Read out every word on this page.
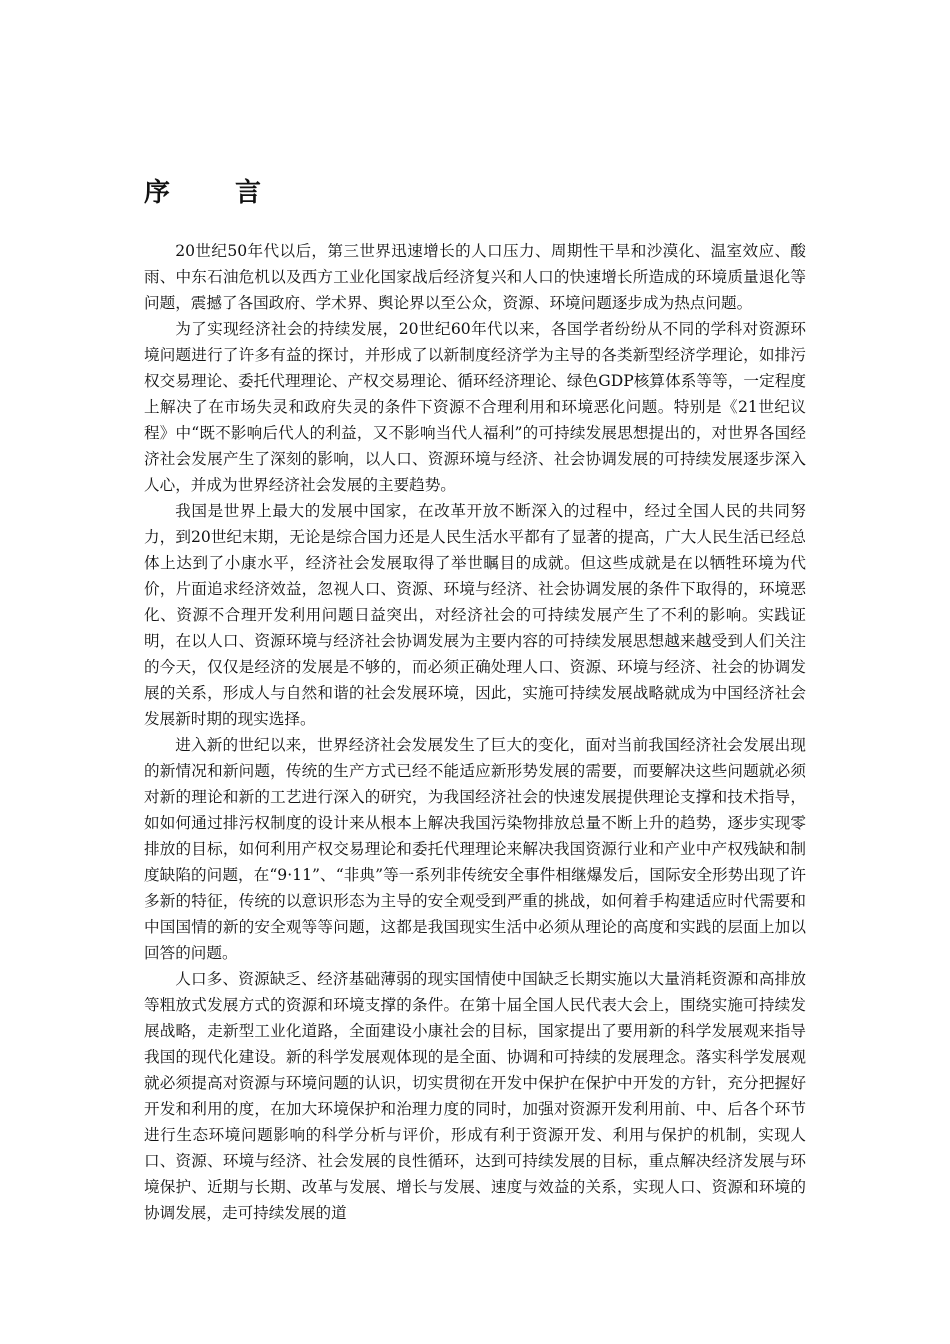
序 言

20世纪50年代以后，第三世界迅速增长的人口压力、周期性干旱和沙漠化、温室效应、酸雨、中东石油危机以及西方工业化国家战后经济复兴和人口的快速增长所造成的环境质量退化等问题，震撼了各国政府、学术界、舆论界以至公众，资源、环境问题逐步成为热点问题。

为了实现经济社会的持续发展，20世纪60年代以来，各国学者纷纷从不同的学科对资源环境问题进行了许多有益的探讨，并形成了以新制度经济学为主导的各类新型经济学理论，如排污权交易理论、委托代理理论、产权交易理论、循环经济理论、绿色GDP核算体系等等，一定程度上解决了在市场失灵和政府失灵的条件下资源不合理利用和环境恶化问题。特别是《21世纪议程》中“既不影响后代人的利益，又不影响当代人福利”的可持续发展思想提出的，对世界各国经济社会发展产生了深刻的影响，以人口、资源环境与经济、社会协调发展的可持续发展逐步深入人心，并成为世界经济社会发展的主要趋势。

我国是世界上最大的发展中国家，在改革开放不断深入的过程中，经过全国人民的共同努力，到20世纪末期，无论是综合国力还是人民生活水平都有了显著的提高，广大人民生活已经总体上达到了小康水平，经济社会发展取得了举世瞩目的成就。但这些成就是在以牺牲环境为代价，片面追求经济效益，忽视人口、资源、环境与经济、社会协调发展的条件下取得的，环境恶化、资源不合理开发利用问题日益突出，对经济社会的可持续发展产生了不利的影响。实践证明，在以人口、资源环境与经济社会协调发展为主要内容的可持续发展思想越来越受到人们关注的今天，仅仅是经济的发展是不够的，而必须正确处理人口、资源、环境与经济、社会的协调发展的关系，形成人与自然和谐的社会发展环境，因此，实施可持续发展战略就成为中国经济社会发展新时期的现实选择。

进入新的世纪以来，世界经济社会发展发生了巨大的变化，面对当前我国经济社会发展出现的新情况和新问题，传统的生产方式已经不能适应新形势发展的需要，而要解决这些问题就必须对新的理论和新的工艺进行深入的研究，为我国经济社会的快速发展提供理论支撑和技术指导，如如何通过排污权制度的设计来从根本上解决我国污染物排放总量不断上升的趋势，逐步实现零排放的目标，如何利用产权交易理论和委托代理理论来解决我国资源行业和产业中产权残缺和制度缺陷的问题，在“9·11”、“非典”等一系列非传统安全事件相继爆发后，国际安全形势出现了许多新的特征，传统的以意识形态为主导的安全观受到严重的挑战，如何着手构建适应时代需要和中国国情的新的安全观等等问题，这都是我国现实生活中必须从理论的高度和实践的层面上加以回答的问题。

人口多、资源缺乏、经济基础薄弱的现实国情使中国缺乏长期实施以大量消耗资源和高排放等粗放式发展方式的资源和环境支撑的条件。在第十届全国人民代表大会上，围绕实施可持续发展战略，走新型工业化道路，全面建设小康社会的目标，国家提出了要用新的科学发展观来指导我国的现代化建设。新的科学发展观体现的是全面、协调和可持续的发展理念。落实科学发展观就必须提高对资源与环境问题的认识，切实贯彻在开发中保护在保护中开发的方针，充分把握好开发和利用的度，在加大环境保护和治理力度的同时，加强对资源开发利用前、中、后各个环节进行生态环境问题影响的科学分析与评价，形成有利于资源开发、利用与保护的机制，实现人口、资源、环境与经济、社会发展的良性循环，达到可持续发展的目标，重点解决经济发展与环境保护、近期与长期、改革与发展、增长与发展、速度与效益的关系，实现人口、资源和环境的协调发展，走可持续发展的道
